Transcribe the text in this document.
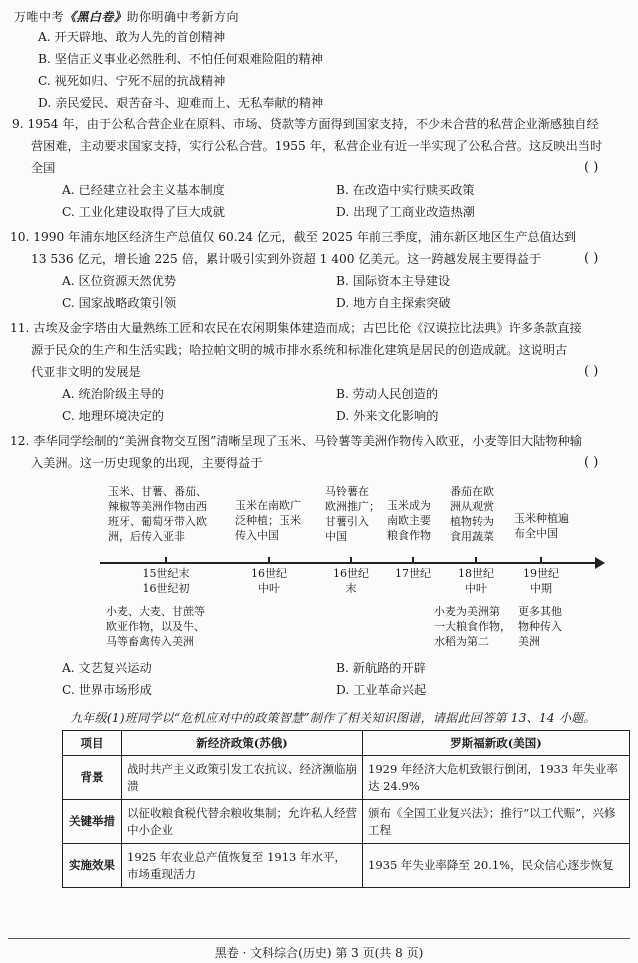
万唯中考《黑白卷》助你明确中考新方向
A. 开天辟地、敢为人先的首创精神
B. 坚信正义事业必然胜利、不怕任何艰难险阻的精神
C. 视死如归、宁死不屈的抗战精神
D. 亲民爱民、艰苦奋斗、迎难而上、无私奉献的精神
9. 1954 年，由于公私合营企业在原料、市场、贷款等方面得到国家支持，不少未合营的私营企业渐感独自经
营困难，主动要求国家支持，实行公私合营。1955 年，私营企业有近一半实现了公私合营。这反映出当时
全国	( )
A. 已经建立社会主义基本制度	B. 在改造中实行赎买政策
C. 工业化建设取得了巨大成就	D. 出现了工商业改造热潮
10. 1990 年浦东地区经济生产总值仅 60.24 亿元，截至 2025 年前三季度，浦东新区地区生产总值达到
13 536 亿元，增长逾 225 倍，累计吸引实到外资超 1 400 亿美元。这一跨越发展主要得益于	( )
A. 区位资源天然优势	B. 国际资本主导建设
C. 国家战略政策引领	D. 地方自主探索突破
11. 古埃及金字塔由大量熟练工匠和农民在农闲期集体建造而成；古巴比伦《汉谟拉比法典》许多条款直接
源于民众的生产和生活实践；哈拉帕文明的城市排水系统和标准化建筑是居民的创造成就。这说明古
代亚非文明的发展是	( )
A. 统治阶级主导的	B. 劳动人民创造的
C. 地理环境决定的	D. 外来文化影响的
12. 李华同学绘制的“美洲食物交互图”清晰呈现了玉米、马铃薯等美洲作物传入欧亚，小麦等旧大陆物种输
入美洲。这一历史现象的出现，主要得益于	( )
玉米、甘薯、番茄、
辣椒等美洲作物由西
班牙、葡萄牙带入欧
洲，后传入亚非
玉米在南欧广
泛种植；玉米
传入中国
马铃薯在
欧洲推广；
甘薯引入
中国
玉米成为
南欧主要
粮食作物
番茄在欧
洲从观赏
植物转为
食用蔬菜
玉米种植遍
布全中国
15世纪末
16世纪初
16世纪
中叶
16世纪
末
17世纪	18世纪
中叶
19世纪
中期
小麦、大麦、甘蔗等
欧亚作物，以及牛、
马等畜禽传入美洲
小麦为美洲第
一大粮食作物，
水稻为第二
更多其他
物种传入
美洲
A. 文艺复兴运动	B. 新航路的开辟
C. 世界市场形成	D. 工业革命兴起
九年级(1)班同学以“危机应对中的政策智慧”制作了相关知识图谱，请据此回答第 13、14 小题。
项目	新经济政策(苏俄)	罗斯福新政(美国)
背景	战时共产主义政策引发工农抗议、经济濒临崩溃	1929 年经济大危机致银行倒闭，1933 年失业率达 24.9%
关键举措	以征收粮食税代替余粮收集制；允许私人经营中小企业	颁布《全国工业复兴法》；推行“以工代赈”，兴修工程
实施效果	1925 年农业总产值恢复至 1913 年水平，市场重现活力	1935 年失业率降至 20.1%，民众信心逐步恢复
黑卷 · 文科综合(历史) 第 3 页(共 8 页)
